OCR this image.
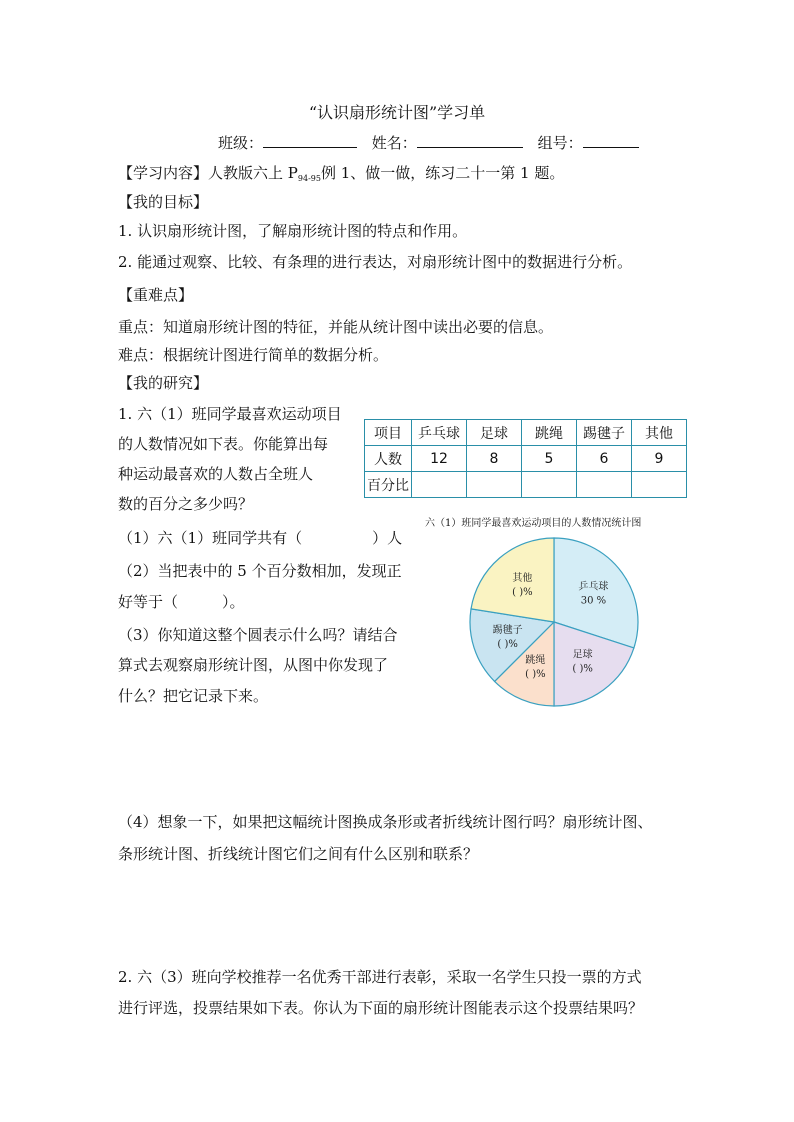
“认识扇形统计图”学习单
班级：	姓名：	组号：
【学习内容】人教版六上 $P_{94-95}$例 1、做一做，练习二十一第 1 题。
【我的目标】
1. 认识扇形统计图，了解扇形统计图的特点和作用。
2. 能通过观察、比较、有条理的进行表达，对扇形统计图中的数据进行分析。
【重难点】
重点：知道扇形统计图的特征，并能从统计图中读出必要的信息。
难点：根据统计图进行简单的数据分析。
【我的研究】
1. 六（1）班同学最喜欢运动项目
的人数情况如下表。你能算出每
种运动最喜欢的人数占全班人
数的百分之多少吗？
项目	乒乓球	足球	跳绳	踢毽子	其他
人数	12	8	5	6	9
百分比					
六（1）班同学最喜欢运动项目的人数情况统计图
乒乓球
30 %
足球
( )%
跳绳
( )%
踢毽子
( )%
其他
( )%
（1）六（1）班同学共有（	）人
（2）当把表中的 5 个百分数相加，发现正
好等于（	）。
（3）你知道这整个圆表示什么吗？请结合
算式去观察扇形统计图，从图中你发现了
什么？把它记录下来。
（4）想象一下，如果把这幅统计图换成条形或者折线统计图行吗？扇形统计图、
条形统计图、折线统计图它们之间有什么区别和联系？
2. 六（3）班向学校推荐一名优秀干部进行表彰，采取一名学生只投一票的方式
进行评选，投票结果如下表。你认为下面的扇形统计图能表示这个投票结果吗？
